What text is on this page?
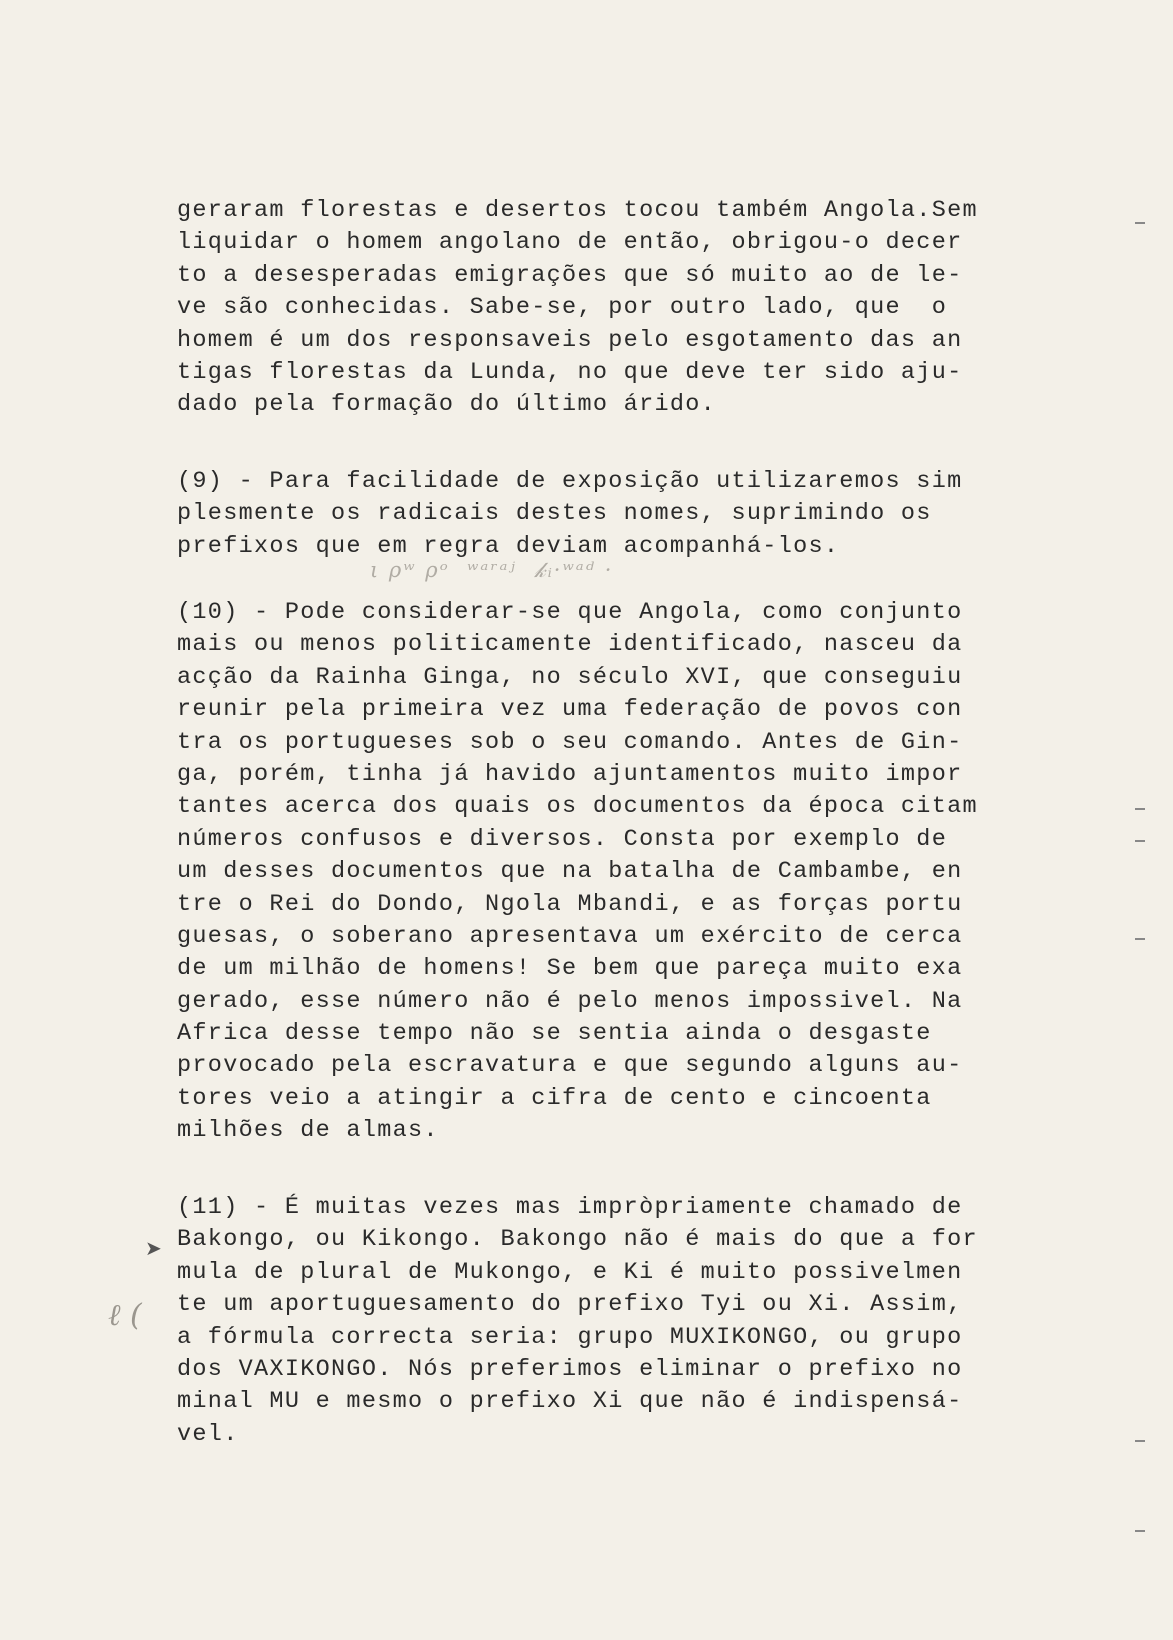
geraram florestas e desertos tocou também Angola.Sem
liquidar o homem angolano de então, obrigou-o decer
to a desesperadas emigrações que só muito ao de le-
ve são conhecidas. Sabe-se, por outro lado, que  o
homem é um dos responsaveis pelo esgotamento das an
tigas florestas da Lunda, no que deve ter sido aju-
dado pela formação do último árido.
(9) - Para facilidade de exposição utilizaremos sim
plesmente os radicais destes nomes, suprimindo os
prefixos que em regra deviam acompanhá-los.
ι ρʷ ρᵒ  ʷᵃʳᵃʲ  𝓀ᵢ·ʷᵃᵈ ·
(10) - Pode considerar-se que Angola, como conjunto
mais ou menos politicamente identificado, nasceu da
acção da Rainha Ginga, no século XVI, que conseguiu
reunir pela primeira vez uma federação de povos con
tra os portugueses sob o seu comando. Antes de Gin-
ga, porém, tinha já havido ajuntamentos muito impor
tantes acerca dos quais os documentos da época citam
números confusos e diversos. Consta por exemplo de
um desses documentos que na batalha de Cambambe, en
tre o Rei do Dondo, Ngola Mbandi, e as forças portu
guesas, o soberano apresentava um exército de cerca
de um milhão de homens! Se bem que pareça muito exa
gerado, esse número não é pelo menos impossivel. Na
Africa desse tempo não se sentia ainda o desgaste
provocado pela escravatura e que segundo alguns au-
tores veio a atingir a cifra de cento e cincoenta
milhões de almas.
➤
ℓ (
(11) - É muitas vezes mas impròpriamente chamado de
Bakongo, ou Kikongo. Bakongo não é mais do que a for
mula de plural de Mukongo, e Ki é muito possivelmen
te um aportuguesamento do prefixo Tyi ou Xi. Assim,
a fórmula correcta seria: grupo MUXIKONGO, ou grupo
dos VAXIKONGO. Nós preferimos eliminar o prefixo no
minal MU e mesmo o prefixo Xi que não é indispensá-
vel.
